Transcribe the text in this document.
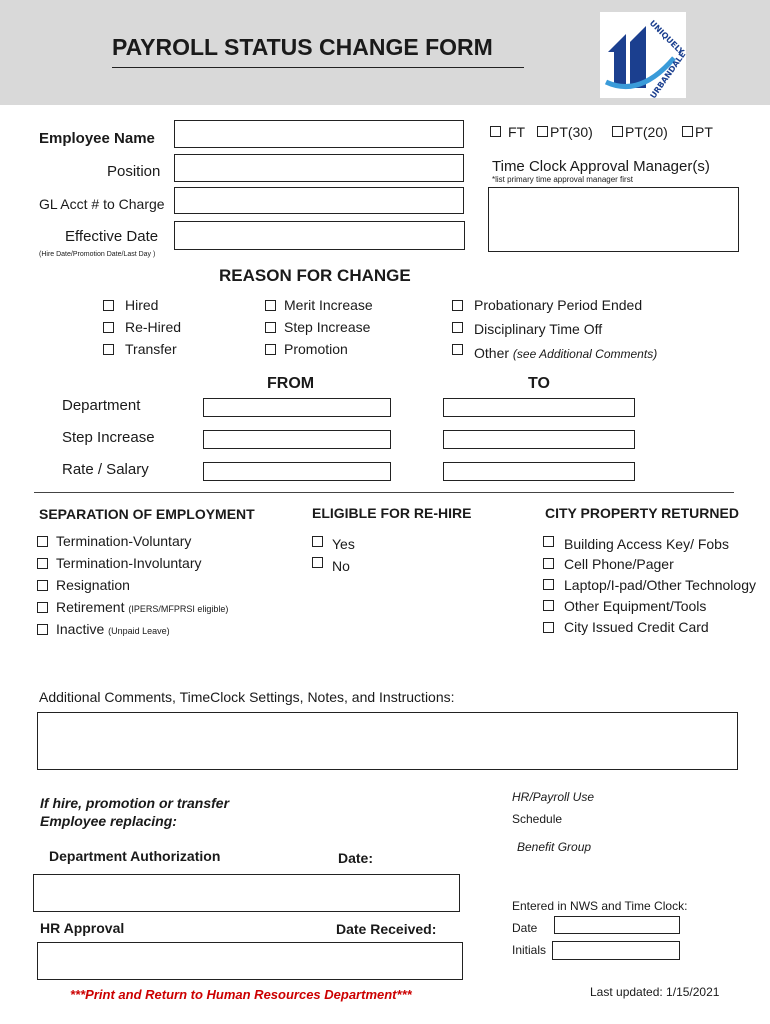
PAYROLL STATUS CHANGE FORM	UNIQUELY
URBANDALE
Employee Name
Position
GL Acct # to Charge
Effective Date
(Hire Date/Promotion Date/Last Day )
FT PT(30) PT(20) PT
Time Clock Approval Manager(s)
*list primary time approval manager first
REASON FOR CHANGE
Hired
Re-Hired
Transfer
Merit Increase
Step Increase
Promotion
Probationary Period Ended
Disciplinary Time Off
Other (see Additional Comments)
FROM	TO
Department
Step Increase
Rate / Salary
SEPARATION OF EMPLOYMENT
Termination-Voluntary
Termination-Involuntary
Resignation
Retirement (IPERS/MFPRSI eligible)
Inactive (Unpaid Leave)
ELIGIBLE FOR RE-HIRE
Yes
No
CITY PROPERTY RETURNED
Building Access Key/ Fobs
Cell Phone/Pager
Laptop/I-pad/Other Technology
Other Equipment/Tools
City Issued Credit Card
Additional Comments, TimeClock Settings, Notes, and Instructions:
If hire, promotion or transfer
Employee replacing:
Department Authorization	Date:
HR Approval	Date Received:
HR/Payroll Use
Schedule
Benefit Group
Entered in NWS and Time Clock:
Date
Initials
***Print and Return to Human Resources Department***	Last updated: 1/15/2021
